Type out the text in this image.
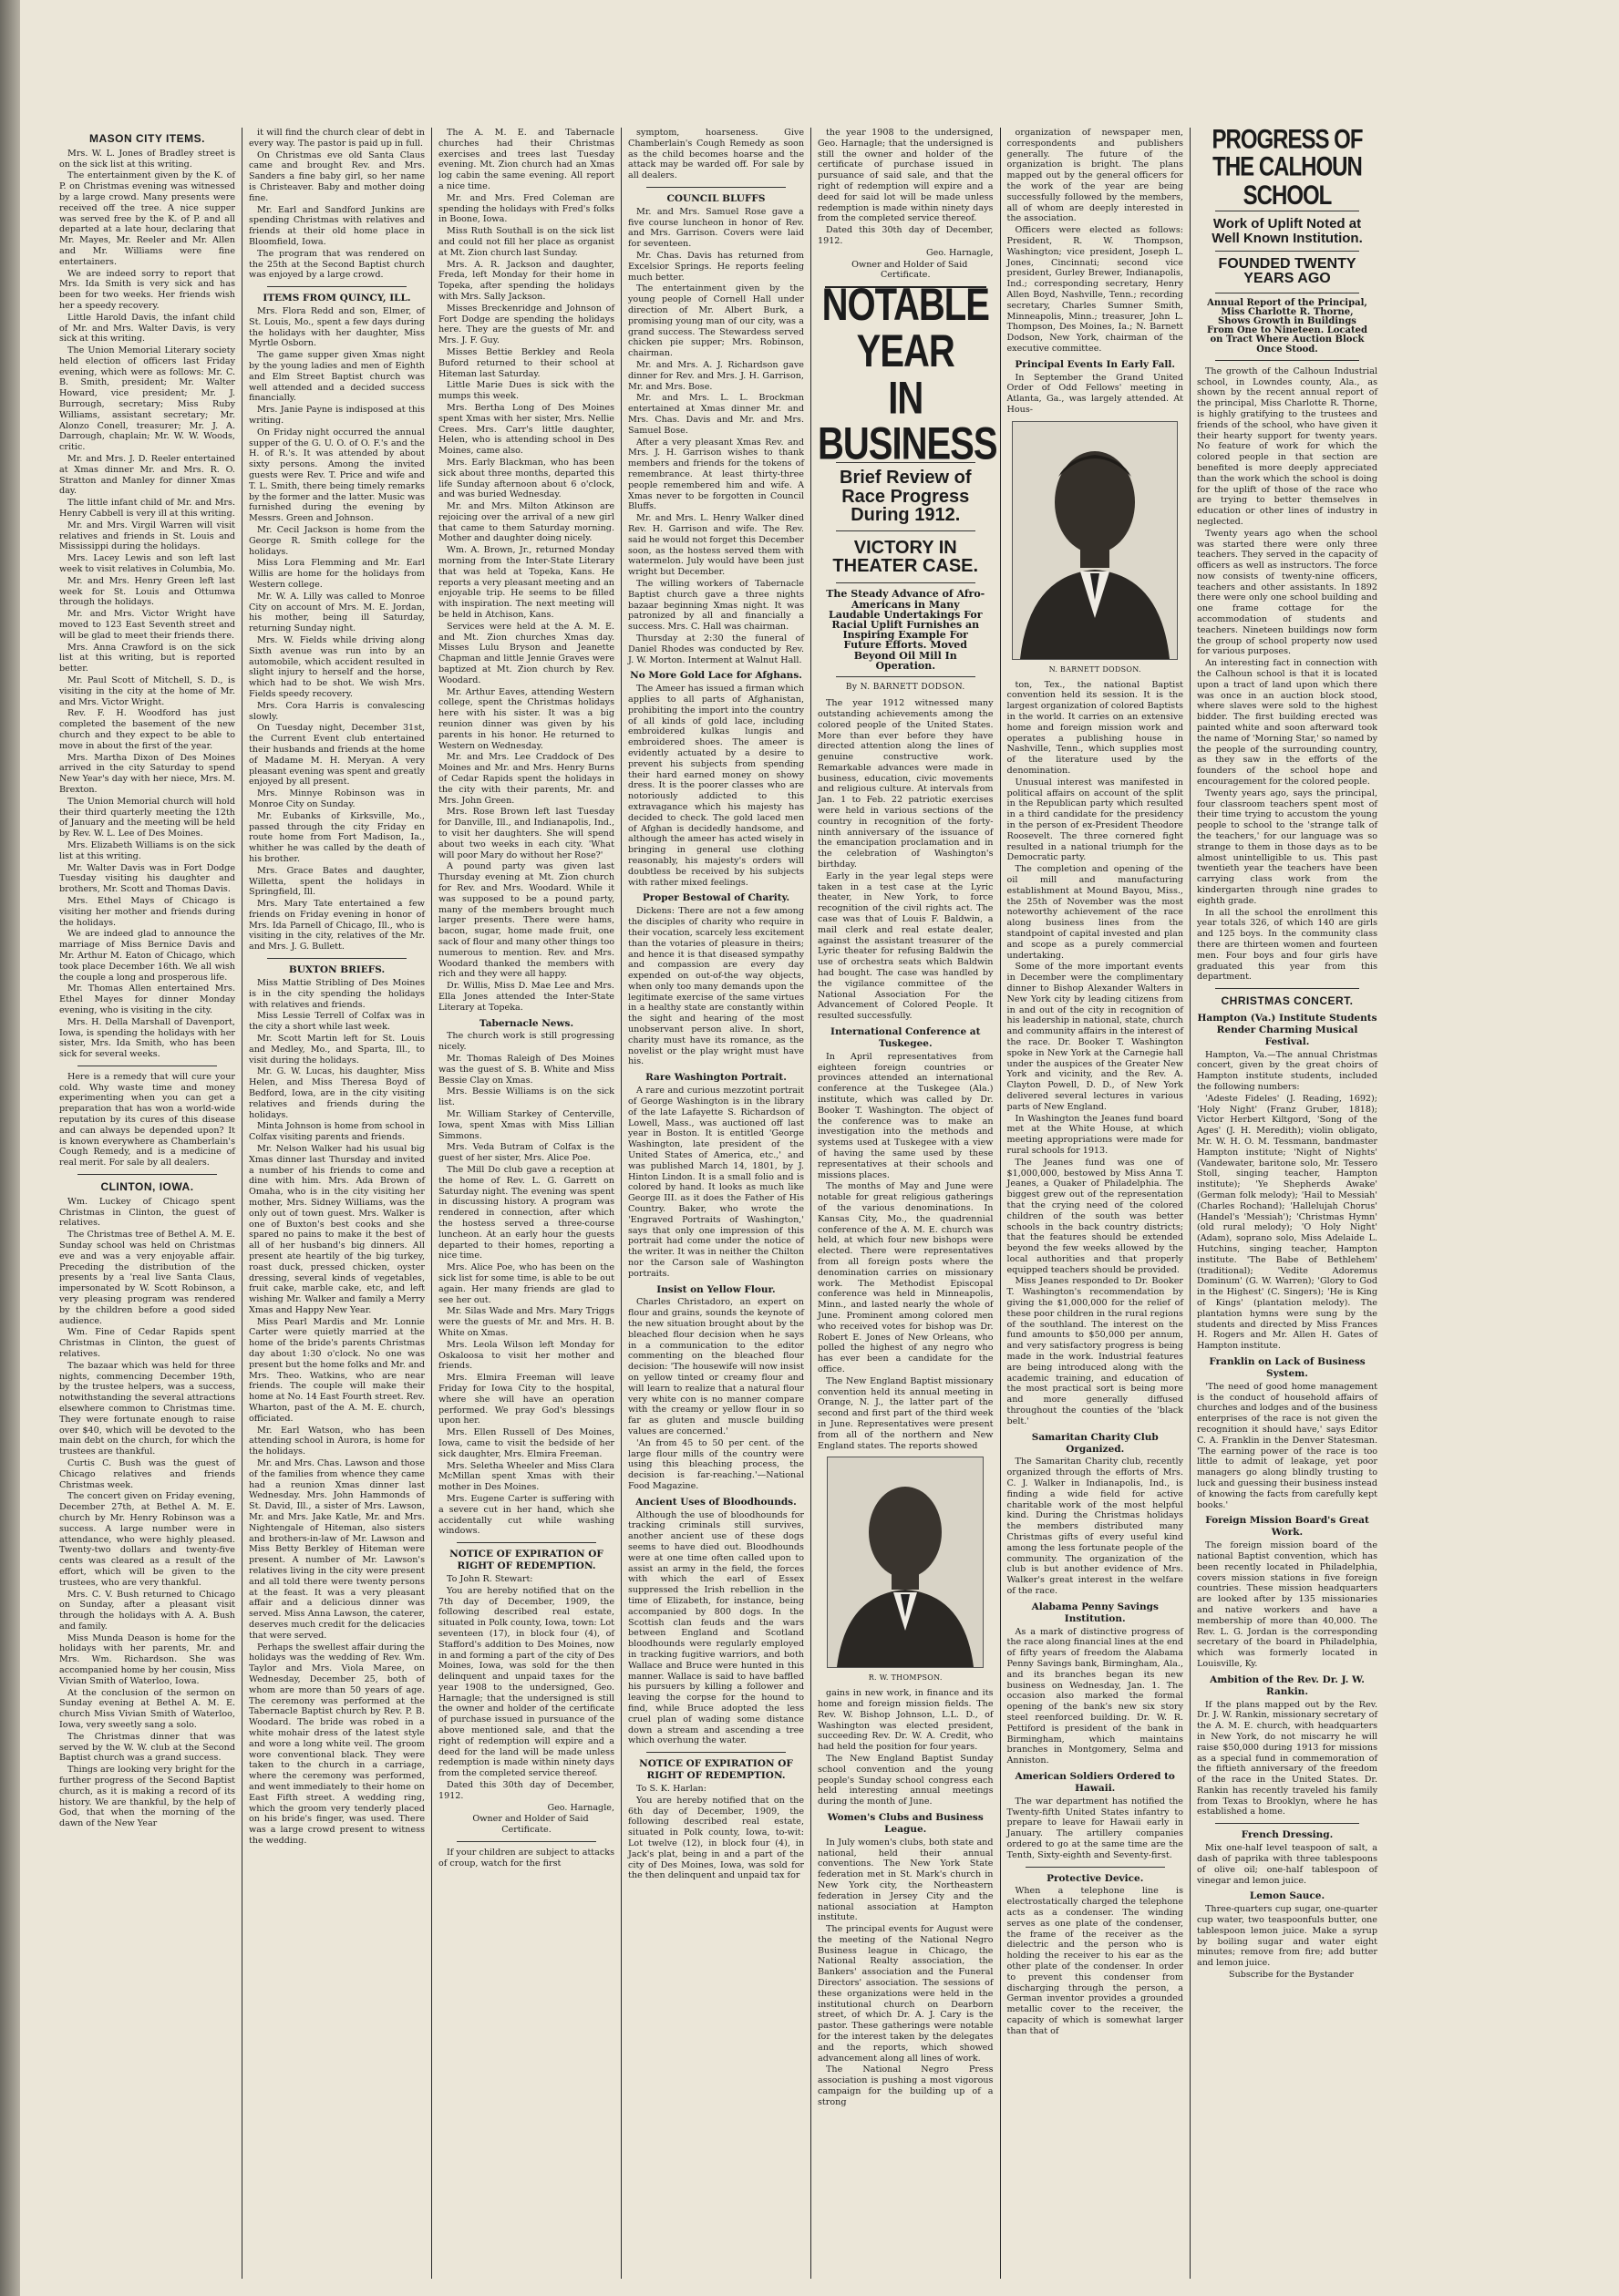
MASON CITY ITEMS.

Mrs. W. L. Jones of Bradley street is on the sick list at this writing.

The entertainment given by the K. of P. on Christmas evening was witnessed by a large crowd. Many presents were received off the tree. A nice supper was served free by the K. of P. and all departed at a late hour, declaring that Mr. Mayes, Mr. Reeler and Mr. Allen and Mr. Williams were fine entertainers.

We are indeed sorry to report that Mrs. Ida Smith is very sick and has been for two weeks. Her friends wish her a speedy recovery.

Little Harold Davis, the infant child of Mr. and Mrs. Walter Davis, is very sick at this writing.

The Union Memorial Literary society held election of officers last Friday evening, which were as follows: Mr. C. B. Smith, president; Mr. Walter Howard, vice president; Mr. J. Burrough, secretary; Miss Ruby Williams, assistant secretary; Mr. Alonzo Conell, treasurer; Mr. J. A. Darrough, chaplain; Mr. W. W. Woods, critic.

Mr. and Mrs. J. D. Reeler entertained at Xmas dinner Mr. and Mrs. R. O. Stratton and Manley for dinner Xmas day.

The little infant child of Mr. and Mrs. Henry Cabbell is very ill at this writing.

Mr. and Mrs. Virgil Warren will visit relatives and friends in St. Louis and Mississippi during the holidays.

Mrs. Lacey Lewis and son left last week to visit relatives in Columbia, Mo.

Mr. and Mrs. Henry Green left last week for St. Louis and Ottumwa through the holidays.

Mr. and Mrs. Victor Wright have moved to 123 East Seventh street and will be glad to meet their friends there.

Mrs. Anna Crawford is on the sick list at this writing, but is reported better.

Mr. Paul Scott of Mitchell, S. D., is visiting in the city at the home of Mr. and Mrs. Victor Wright.

Rev. F. H. Woodford has just completed the basement of the new church and they expect to be able to move in about the first of the year.

Mrs. Martha Dixon of Des Moines arrived in the city Saturday to spend New Year's day with her niece, Mrs. M. Brexton.

The Union Memorial church will hold their third quarterly meeting the 12th of January and the meeting will be held by Rev. W. L. Lee of Des Moines.

Mrs. Elizabeth Williams is on the sick list at this writing.

Mr. Walter Davis was in Fort Dodge Tuesday visiting his daughter and brothers, Mr. Scott and Thomas Davis.

Mrs. Ethel Mays of Chicago is visiting her mother and friends during the holidays.

We are indeed glad to announce the marriage of Miss Bernice Davis and Mr. Arthur M. Eaton of Chicago, which took place December 16th. We all wish the couple a long and prosperous life.

Mr. Thomas Allen entertained Mrs. Ethel Mayes for dinner Monday evening, who is visiting in the city.

Mrs. H. Della Marshall of Davenport, Iowa, is spending the holidays with her sister, Mrs. Ida Smith, who has been sick for several weeks.

Here is a remedy that will cure your cold. Why waste time and money experimenting when you can get a preparation that has won a world-wide reputation by its cures of this disease and can always be depended upon? It is known everywhere as Chamberlain's Cough Remedy, and is a medicine of real merit. For sale by all dealers.

CLINTON, IOWA.

Wm. Luckey of Chicago spent Christmas in Clinton, the guest of relatives.

The Christmas tree of Bethel A. M. E. Sunday school was held on Christmas eve and was a very enjoyable affair. Preceding the distribution of the presents by a 'real live Santa Claus, impersonated by W. Scott Robinson, a very pleasing program was rendered by the children before a good sided audience.

Wm. Fine of Cedar Rapids spent Christmas in Clinton, the guest of relatives.

The bazaar which was held for three nights, commencing December 19th, by the trustee helpers, was a success, notwithstanding the several attractions elsewhere common to Christmas time. They were fortunate enough to raise over $40, which will be devoted to the main debt on the church, for which the trustees are thankful.

Curtis C. Bush was the guest of Chicago relatives and friends Christmas week.

The concert given on Friday evening, December 27th, at Bethel A. M. E. church by Mr. Henry Robinson was a success. A large number were in attendance, who were highly pleased. Twenty-two dollars and twenty-five cents was cleared as a result of the effort, which will be given to the trustees, who are very thankful.

Mrs. C. V. Bush returned to Chicago on Sunday, after a pleasant visit through the holidays with A. A. Bush and family.

Miss Munda Deason is home for the holidays with her parents, Mr. and Mrs. Wm. Richardson. She was accompanied home by her cousin, Miss Vivian Smith of Waterloo, Iowa.

At the conclusion of the sermon on Sunday evening at Bethel A. M. E. church Miss Vivian Smith of Waterloo, Iowa, very sweetly sang a solo.

The Christmas dinner that was served by the W. W. club at the Second Baptist church was a grand success.

Things are looking very bright for the further progress of the Second Baptist church, as it is making a record of its history. We are thankful, by the help of God, that when the morning of the dawn of the New Year

it will find the church clear of debt in every way. The pastor is paid up in full.

On Christmas eve old Santa Claus came and brought Rev. and Mrs. Sanders a fine baby girl, so her name is Christeaver. Baby and mother doing fine.

Mr. Earl and Sandford Junkins are spending Christmas with relatives and friends at their old home place in Bloomfield, Iowa.

The program that was rendered on the 25th at the Second Baptist church was enjoyed by a large crowd.

ITEMS FROM QUINCY, ILL.

Mrs. Flora Redd and son, Elmer, of St. Louis, Mo., spent a few days during the holidays with her daughter, Miss Myrtle Osborn.

The game supper given Xmas night by the young ladies and men of Eighth and Elm Street Baptist church was well attended and a decided success financially.

Mrs. Janie Payne is indisposed at this writing.

On Friday night occurred the annual supper of the G. U. O. of O. F.'s and the H. of R.'s. It was attended by about sixty persons. Among the invited guests were Rev. T. Price and wife and T. L. Smith, there being timely remarks by the former and the latter. Music was furnished during the evening by Messrs. Green and Johnson.

Mr. Cecil Jackson is home from the George R. Smith college for the holidays.

Miss Lora Flemming and Mr. Earl Willis are home for the holidays from Western college.

Mr. W. A. Lilly was called to Monroe City on account of Mrs. M. E. Jordan, his mother, being ill Saturday, returning Sunday night.

Mrs. W. Fields while driving along Sixth avenue was run into by an automobile, which accident resulted in slight injury to herself and the horse, which had to be shot. We wish Mrs. Fields speedy recovery.

Mrs. Cora Harris is convalescing slowly.

On Tuesday night, December 31st, the Current Event club entertained their husbands and friends at the home of Madame M. H. Meryan. A very pleasant evening was spent and greatly enjoyed by all present.

Mrs. Minnye Robinson was in Monroe City on Sunday.

Mr. Eubanks of Kirksville, Mo., passed through the city Friday en route home from Fort Madison, Ia., whither he was called by the death of his brother.

Mrs. Grace Bates and daughter, Willetta, spent the holidays in Springfield, Ill.

Mrs. Mary Tate entertained a few friends on Friday evening in honor of Mrs. Ida Parnell of Chicago, Ill., who is visiting in the city, relatives of the Mr. and Mrs. J. G. Bullett.

BUXTON BRIEFS.

Miss Mattie Stribling of Des Moines is in the city spending the holidays with relatives and friends.

Miss Lessie Terrell of Colfax was in the city a short while last week.

Mr. Scott Martin left for St. Louis and Medley, Mo., and Sparta, Ill., to visit during the holidays.

Mr. G. W. Lucas, his daughter, Miss Helen, and Miss Theresa Boyd of Bedford, Iowa, are in the city visiting relatives and friends during the holidays.

Minta Johnson is home from school in Colfax visiting parents and friends.

Mr. Nelson Walker had his usual big Xmas dinner last Thursday and invited a number of his friends to come and dine with him. Mrs. Ada Brown of Omaha, who is in the city visiting her mother, Mrs. Sidney Williams, was the only out of town guest. Mrs. Walker is one of Buxton's best cooks and she spared no pains to make it the best of all of her husband's big dinners. All present ate heartily of the big turkey, roast duck, pressed chicken, oyster dressing, several kinds of vegetables, fruit cake, marble cake, etc, and left wishing Mr. Walker and family a Merry Xmas and Happy New Year.

Miss Pearl Mardis and Mr. Lonnie Carter were quietly married at the home of the bride's parents Christmas day about 1:30 o'clock. No one was present but the home folks and Mr. and Mrs. Theo. Watkins, who are near friends. The couple will make their home at No. 14 East Fourth street. Rev. Wharton, past of the A. M. E. church, officiated.

Mr. Earl Watson, who has been attending school in Aurora, is home for the holidays.

Mr. and Mrs. Chas. Lawson and those of the families from whence they came had a reunion Xmas dinner last Wednesday. Mrs. John Hammonds of St. David, Ill., a sister of Mrs. Lawson, Mr. and Mrs. Jake Katle, Mr. and Mrs. Nightengale of Hiteman, also sisters and brothers-in-law of Mr. Lawson and Miss Betty Berkley of Hiteman were present. A number of Mr. Lawson's relatives living in the city were present and all told there were twenty persons at the feast. It was a very pleasant affair and a delicious dinner was served. Miss Anna Lawson, the caterer, deserves much credit for the delicacies that were served.

Perhaps the swellest affair during the holidays was the wedding of Rev. Wm. Taylor and Mrs. Viola Maree, on Wednesday, December 25, both of whom are more than 50 years of age. The ceremony was performed at the Tabernacle Baptist church by Rev. P. B. Woodard. The bride was robed in a white mohair dress of the latest style and wore a long white veil. The groom wore conventional black. They were taken to the church in a carriage, where the ceremony was performed, and went immediately to their home on East Fifth street. A wedding ring, which the groom very tenderly placed on his bride's finger, was used. There was a large crowd present to witness the wedding.

The A. M. E. and Tabernacle churches had their Christmas exercises and trees last Tuesday evening. Mt. Zion church had an Xmas log cabin the same evening. All report a nice time.

Mr. and Mrs. Fred Coleman are spending the holidays with Fred's folks in Boone, Iowa.

Miss Ruth Southall is on the sick list and could not fill her place as organist at Mt. Zion church last Sunday.

Mrs. A. R. Jackson and daughter, Freda, left Monday for their home in Topeka, after spending the holidays with Mrs. Sally Jackson.

Misses Breckenridge and Johnson of Fort Dodge are spending the holidays here. They are the guests of Mr. and Mrs. J. F. Guy.

Misses Bettie Berkley and Reola Buford returned to their school at Hiteman last Saturday.

Little Marie Dues is sick with the mumps this week.

Mrs. Bertha Long of Des Moines spent Xmas with her sister, Mrs. Nellie Crees. Mrs. Carr's little daughter, Helen, who is attending school in Des Moines, came also.

Mrs. Early Blackman, who has been sick about three months, departed this life Sunday afternoon about 6 o'clock, and was buried Wednesday.

Mr. and Mrs. Milton Atkinson are rejoicing over the arrival of a new girl that came to them Saturday morning. Mother and daughter doing nicely.

Wm. A. Brown, Jr., returned Monday morning from the Inter-State Literary that was held at Topeka, Kans. He reports a very pleasant meeting and an enjoyable trip. He seems to be filled with inspiration. The next meeting will be held in Atchison, Kans.

Services were held at the A. M. E. and Mt. Zion churches Xmas day. Misses Lulu Bryson and Jeanette Chapman and little Jennie Graves were baptized at Mt. Zion church by Rev. Woodard.

Mr. Arthur Eaves, attending Western college, spent the Christmas holidays here with his sister. It was a big reunion dinner was given by his parents in his honor. He returned to Western on Wednesday.

Mr. and Mrs. Lee Craddock of Des Moines and Mr. and Mrs. Henry Burns of Cedar Rapids spent the holidays in the city with their parents, Mr. and Mrs. John Green.

Mrs. Rose Brown left last Tuesday for Danville, Ill., and Indianapolis, Ind., to visit her daughters. She will spend about two weeks in each city. 'What will poor Mary do without her Rose?'

A pound party was given last Thursday evening at Mt. Zion church for Rev. and Mrs. Woodard. While it was supposed to be a pound party, many of the members brought much larger presents. There were hams, bacon, sugar, home made fruit, one sack of flour and many other things too numerous to mention. Rev. and Mrs. Woodard thanked the members with rich and they were all happy.

Dr. Willis, Miss D. Mae Lee and Mrs. Ella Jones attended the Inter-State Literary at Topeka.

Tabernacle News.

The church work is still progressing nicely.

Mr. Thomas Raleigh of Des Moines was the guest of S. B. White and Miss Bessie Clay on Xmas.

Mrs. Bessie Williams is on the sick list.

Mr. William Starkey of Centerville, Iowa, spent Xmas with Miss Lillian Simmons.

Mrs. Veda Butram of Colfax is the guest of her sister, Mrs. Alice Poe.

The Mill Do club gave a reception at the home of Rev. L. G. Garrett on Saturday night. The evening was spent in discussing history. A program was rendered in connection, after which the hostess served a three-course luncheon. At an early hour the guests departed to their homes, reporting a nice time.

Mrs. Alice Poe, who has been on the sick list for some time, is able to be out again. Her many friends are glad to see her out.

Mr. Silas Wade and Mrs. Mary Triggs were the guests of Mr. and Mrs. H. B. White on Xmas.

Mrs. Leola Wilson left Monday for Oskaloosa to visit her mother and friends.

Mrs. Elmira Freeman will leave Friday for Iowa City to the hospital, where she will have an operation performed. We pray God's blessings upon her.

Mrs. Ellen Russell of Des Moines, Iowa, came to visit the bedside of her sick daughter, Mrs. Elmira Freeman.

Mrs. Seletha Wheeler and Miss Clara McMillan spent Xmas with their mother in Des Moines.

Mrs. Eugene Carter is suffering with a severe cut in her hand, which she accidentally cut while washing windows.

NOTICE OF EXPIRATION OF RIGHT OF REDEMPTION.

To John R. Stewart:

You are hereby notified that on the 7th day of December, 1909, the following described real estate, situated in Polk county, Iowa, town: Lot seventeen (17), in block four (4), of Stafford's addition to Des Moines, now in and forming a part of the city of Des Moines, Iowa, was sold for the then delinquent and unpaid taxes for the year 1908 to the undersigned, Geo. Harnagle; that the undersigned is still the owner and holder of the certificate of purchase issued in pursuance of the above mentioned sale, and that the right of redemption will expire and a deed for the land will be made unless redemption is made within ninety days from the completed service thereof.

Dated this 30th day of December, 1912.

Geo. Harnagle,

Owner and Holder of Said Certificate.

If your children are subject to attacks of croup, watch for the first

symptom, hoarseness. Give Chamberlain's Cough Remedy as soon as the child becomes hoarse and the attack may be warded off. For sale by all dealers.

COUNCIL BLUFFS

Mr. and Mrs. Samuel Rose gave a five course luncheon in honor of Rev. and Mrs. Garrison. Covers were laid for seventeen.

Mr. Chas. Davis has returned from Excelsior Springs. He reports feeling much better.

The entertainment given by the young people of Cornell Hall under direction of Mr. Albert Burk, a promising young man of our city, was a grand success. The Stewardess served chicken pie supper; Mrs. Robinson, chairman.

Mr. and Mrs. A. J. Richardson gave dinner for Rev. and Mrs. J. H. Garrison, Mr. and Mrs. Bose.

Mr. and Mrs. L. L. Brockman entertained at Xmas dinner Mr. and Mrs. Chas. Davis and Mr. and Mrs. Samuel Bose.

After a very pleasant Xmas Rev. and Mrs. J. H. Garrison wishes to thank members and friends for the tokens of remembrance. At least thirty-three people remembered him and wife. A Xmas never to be forgotten in Council Bluffs.

Mr. and Mrs. L. Henry Walker dined Rev. H. Garrison and wife. The Rev. said he would not forget this December soon, as the hostess served them with watermelon. July would have been just wright but December.

The willing workers of Tabernacle Baptist church gave a three nights bazaar beginning Xmas night. It was patronized by all and financially a success. Mrs. C. Hall was chairman.

Thursday at 2:30 the funeral of Daniel Rhodes was conducted by Rev. J. W. Morton. Interment at Walnut Hall.

No More Gold Lace for Afghans.

The Ameer has issued a firman which applies to all parts of Afghanistan, prohibiting the import into the country of all kinds of gold lace, including embroidered kulkas lungis and embroidered shoes. The ameer is evidently actuated by a desire to prevent his subjects from spending their hard earned money on showy dress. It is the poorer classes who are notoriously addicted to this extravagance which his majesty has decided to check. The gold laced men of Afghan is decidedly handsome, and although the ameer has acted wisely in bringing in general use clothing reasonably, his majesty's orders will doubtless be received by his subjects with rather mixed feelings.

Proper Bestowal of Charity.

Dickens: There are not a few among the disciples of charity who require in their vocation, scarcely less excitement than the votaries of pleasure in theirs; and hence it is that diseased sympathy and compassion are every day expended on out-of-the way objects, when only too many demands upon the legitimate exercise of the same virtues in a healthy state are constantly within the sight and hearing of the most unobservant person alive. In short, charity must have its romance, as the novelist or the play wright must have his.

Rare Washington Portrait.

A rare and curious mezzotint portrait of George Washington is in the library of the late Lafayette S. Richardson of Lowell, Mass., was auctioned off last year in Boston. It is entitled 'George Washington, late president of the United States of America, etc.,' and was published March 14, 1801, by J. Hinton Lindon. It is a small folio and is colored by hand. It looks as much like George III. as it does the Father of His Country. Baker, who wrote the 'Engraved Portraits of Washington,' says that only one impression of this portrait had come under the notice of the writer. It was in neither the Chilton nor the Carson sale of Washington portraits.

Insist on Yellow Flour.

Charles Christadoro, an expert on flour and grains, sounds the keynote of the new situation brought about by the bleached flour decision when he says in a communication to the editor commenting on the bleached flour decision: 'The housewife will now insist on yellow tinted or creamy flour and will learn to realize that a natural flour very white con is no manner compare with the creamy or yellow flour in so far as gluten and muscle building values are concerned.'

'An from 45 to 50 per cent. of the large flour mills of the country were using this bleaching process, the decision is far-reaching.'—National Food Magazine.

Ancient Uses of Bloodhounds.

Although the use of bloodhounds for tracking criminals still survives, another ancient use of these dogs seems to have died out. Bloodhounds were at one time often called upon to assist an army in the field, the forces with which the earl of Essex suppressed the Irish rebellion in the time of Elizabeth, for instance, being accompanied by 800 dogs. In the Scottish clan feuds and the wars between England and Scotland bloodhounds were regularly employed in tracking fugitive warriors, and both Wallace and Bruce were hunted in this manner. Wallace is said to have baffled his pursuers by killing a follower and leaving the corpse for the hound to find, while Bruce adopted the less cruel plan of wading some distance down a stream and ascending a tree which overhung the water.

NOTICE OF EXPIRATION OF RIGHT OF REDEMPTION.

To S. K. Harlan:

You are hereby notified that on the 6th day of December, 1909, the following described real estate, situated in Polk county, Iowa, to-wit: Lot twelve (12), in block four (4), in Jack's plat, being in and a part of the city of Des Moines, Iowa, was sold for the then delinquent and unpaid tax for

the year 1908 to the undersigned, Geo. Harnagle; that the undersigned is still the owner and holder of the certificate of purchase issued in pursuance of said sale, and that the right of redemption will expire and a deed for said lot will be made unless redemption is made within ninety days from the completed service thereof.

Dated this 30th day of December, 1912.

Geo. Harnagle,

Owner and Holder of Said Certificate.

NOTABLE YEAR
IN BUSINESS
Brief Review of Race Progress
During 1912.
VICTORY IN THEATER CASE.
The Steady Advance of Afro-Americans in Many Laudable Undertakings For Racial Uplift Furnishes an Inspiring Example For Future Efforts. Moved Beyond Oil Mill In Operation.
By N. BARNETT DODSON.

The year 1912 witnessed many outstanding achievements among the colored people of the United States. More than ever before they have directed attention along the lines of genuine constructive work. Remarkable advances were made in business, education, civic movements and religious culture. At intervals from Jan. 1 to Feb. 22 patriotic exercises were held in various sections of the country in recognition of the forty-ninth anniversary of the issuance of the emancipation proclamation and in the celebration of Washington's birthday.

Early in the year legal steps were taken in a test case at the Lyric theater, in New York, to force recognition of the civil rights act. The case was that of Louis F. Baldwin, a mail clerk and real estate dealer, against the assistant treasurer of the Lyric theater for refusing Baldwin the use of orchestra seats which Baldwin had bought. The case was handled by the vigilance committee of the National Association For the Advancement of Colored People. It resulted successfully.

International Conference at Tuskegee.

In April representatives from eighteen foreign countries or provinces attended an international conference at the Tuskegee (Ala.) institute, which was called by Dr. Booker T. Washington. The object of the conference was to make an investigation into the methods and systems used at Tuskegee with a view of having the same used by these representatives at their schools and missions places.

The months of May and June were notable for great religious gatherings of the various denominations. In Kansas City, Mo., the quadrennial conference of the A. M. E. church was held, at which four new bishops were elected. There were representatives from all foreign posts where the denomination carries on missionary work. The Methodist Episcopal conference was held in Minneapolis, Minn., and lasted nearly the whole of June. Prominent among colored men who received votes for bishop was Dr. Robert E. Jones of New Orleans, who polled the highest of any negro who has ever been a candidate for the office.

The New England Baptist missionary convention held its annual meeting in Orange, N. J., the latter part of the second and first part of the third week in June. Representatives were present from all of the northern and New England states. The reports showed

R. W. THOMPSON.

gains in new work, in finance and its home and foreign mission fields. The Rev. W. Bishop Johnson, L.L. D., of Washington was elected president, succeeding Rev. Dr. W. A. Credit, who had held the position for four years.

The New England Baptist Sunday school convention and the young people's Sunday school congress each held interesting annual meetings during the month of June.

Women's Clubs and Business League.

In July women's clubs, both state and national, held their annual conventions. The New York State federation met in St. Mark's church in New York city, the Northeastern federation in Jersey City and the national association at Hampton institute.

The principal events for August were the meeting of the National Negro Business league in Chicago, the National Realty association, the Bankers' association and the Funeral Directors' association. The sessions of these organizations were held in the institutional church on Dearborn street, of which Dr. A. J. Cary is the pastor. These gatherings were notable for the interest taken by the delegates and the reports, which showed advancement along all lines of work.

The National Negro Press association is pushing a most vigorous campaign for the building up of a strong

organization of newspaper men, correspondents and publishers generally. The future of the organization is bright. The plans mapped out by the general officers for the work of the year are being successfully followed by the members, all of whom are deeply interested in the association.

Officers were elected as follows: President, R. W. Thompson, Washington; vice president, Joseph L. Jones, Cincinnati; second vice president, Gurley Brewer, Indianapolis, Ind.; corresponding secretary, Henry Allen Boyd, Nashville, Tenn.; recording secretary, Charles Sumner Smith, Minneapolis, Minn.; treasurer, John L. Thompson, Des Moines, Ia.; N. Barnett Dodson, New York, chairman of the executive committee.

Principal Events In Early Fall.

In September the Grand United Order of Odd Fellows' meeting in Atlanta, Ga., was largely attended. At Hous-

N. BARNETT DODSON.

ton, Tex., the national Baptist convention held its session. It is the largest organization of colored Baptists in the world. It carries on an extensive home and foreign mission work and operates a publishing house in Nashville, Tenn., which supplies most of the literature used by the denomination.

Unusual interest was manifested in political affairs on account of the split in the Republican party which resulted in a third candidate for the presidency in the person of ex-President Theodore Roosevelt. The three cornered fight resulted in a national triumph for the Democratic party.

The completion and opening of the oil mill and manufacturing establishment at Mound Bayou, Miss., the 25th of November was the most noteworthy achievement of the race along business lines from the standpoint of capital invested and plan and scope as a purely commercial undertaking.

Some of the more important events in December were the complimentary dinner to Bishop Alexander Walters in New York city by leading citizens from in and out of the city in recognition of his leadership in national, state, church and community affairs in the interest of the race. Dr. Booker T. Washington spoke in New York at the Carnegie hall under the auspices of the Greater New York and vicinity, and the Rev. A. Clayton Powell, D. D., of New York delivered several lectures in various parts of New England.

In Washington the Jeanes fund board met at the White House, at which meeting appropriations were made for rural schools for 1913.

The Jeanes fund was one of $1,000,000, bestowed by Miss Anna T. Jeanes, a Quaker of Philadelphia. The biggest grew out of the representation that the crying need of the colored children of the south was better schools in the back country districts; that the features should be extended beyond the few weeks allowed by the local authorities and that properly equipped teachers should be provided.

Miss Jeanes responded to Dr. Booker T. Washington's recommendation by giving the $1,000,000 for the relief of these poor children in the rural regions of the southland. The interest on the fund amounts to $50,000 per annum, and very satisfactory progress is being made in the work. Industrial features are being introduced along with the academic training, and education of the most practical sort is being more and more generally diffused throughout the counties of the 'black belt.'

Samaritan Charity Club Organized.

The Samaritan Charity club, recently organized through the efforts of Mrs. C. J. Walker in Indianapolis, Ind., is finding a wide field for active charitable work of the most helpful kind. During the Christmas holidays the members distributed many Christmas gifts of every useful kind among the less fortunate people of the community. The organization of the club is but another evidence of Mrs. Walker's great interest in the welfare of the race.

Alabama Penny Savings Institution.

As a mark of distinctive progress of the race along financial lines at the end of fifty years of freedom the Alabama Penny Savings bank, Birmingham, Ala., and its branches began its new business on Wednesday, Jan. 1. The occasion also marked the formal opening of the bank's new six story steel reenforced building. Dr. W. R. Pettiford is president of the bank in Birmingham, which maintains branches in Montgomery, Selma and Anniston.

American Soldiers Ordered to Hawaii.

The war department has notified the Twenty-fifth United States infantry to prepare to leave for Hawaii early in January. The artillery companies ordered to go at the same time are the Tenth, Sixty-eighth and Seventy-first.

Protective Device.

When a telephone line is electrostatically charged the telephone acts as a condenser. The winding serves as one plate of the condenser, the frame of the receiver as the dielectric and the person who is holding the receiver to his ear as the other plate of the condenser. In order to prevent this condenser from discharging through the person, a German inventor provides a grounded metallic cover to the receiver, the capacity of which is somewhat larger than that of

PROGRESS OF THE CALHOUN SCHOOL
Work of Uplift Noted at Well Known Institution.
FOUNDED TWENTY YEARS AGO
Annual Report of the Principal, Miss Charlotte R. Thorne, Shows Growth in Buildings From One to Nineteen. Located on Tract Where Auction Block Once Stood.

The growth of the Calhoun Industrial school, in Lowndes county, Ala., as shown by the recent annual report of the principal, Miss Charlotte R. Thorne, is highly gratifying to the trustees and friends of the school, who have given it their hearty support for twenty years. No feature of work for which the colored people in that section are benefited is more deeply appreciated than the work which the school is doing for the uplift of those of the race who are trying to better themselves in education or other lines of industry in neglected.

Twenty years ago when the school was started there were only three teachers. They served in the capacity of officers as well as instructors. The force now consists of twenty-nine officers, teachers and other assistants. In 1892 there were only one school building and one frame cottage for the accommodation of students and teachers. Nineteen buildings now form the group of school property now used for various purposes.

An interesting fact in connection with the Calhoun school is that it is located upon a tract of land upon which there was once in an auction block stood, where slaves were sold to the highest bidder. The first building erected was painted white and soon afterward took the name of 'Morning Star,' so named by the people of the surrounding country, as they saw in the efforts of the founders of the school hope and encouragement for the colored people.

Twenty years ago, says the principal, four classroom teachers spent most of their time trying to accustom the young people to school to the 'strange talk of the teachers,' for our language was so strange to them in those days as to be almost unintelligible to us. This past twentieth year the teachers have been carrying class work from the kindergarten through nine grades to eighth grade.

In all the school the enrollment this year totals 326, of which 140 are girls and 125 boys. In the community class there are thirteen women and fourteen men. Four boys and four girls have graduated this year from this department.

CHRISTMAS CONCERT.
Hampton (Va.) Institute Students Render Charming Musical Festival.

Hampton, Va.—The annual Christmas concert, given by the great choirs of Hampton institute students, included the following numbers:

'Adeste Fideles' (J. Reading, 1692); 'Holy Night' (Franz Gruber, 1818); Victor Herbert Kiltgord, 'Song of the Ages' (J. H. Meredith); violin obligato, Mr. W. H. O. M. Tessmann, bandmaster Hampton institute; 'Night of Nights' (Vandewater, baritone solo, Mr. Tessero Stoll, singing teacher, Hampton institute); 'Ye Shepherds Awake' (German folk melody); 'Hail to Messiah' (Charles Rochand); 'Hallelujah Chorus' (Handel's 'Messiah'); 'Christmas Hymn' (old rural melody); 'O Holy Night' (Adam), soprano solo, Miss Adelaide L. Hutchins, singing teacher, Hampton institute. 'The Babe of Bethlehem' (traditional); 'Vedite Adoremus Dominum' (G. W. Warren); 'Glory to God in the Highest' (C. Singers); 'He is King of Kings' (plantation melody). The plantation hymns were sung by the students and directed by Miss Frances H. Rogers and Mr. Allen H. Gates of Hampton institute.

Franklin on Lack of Business System.

'The need of good home management is the conduct of household affairs of churches and lodges and of the business enterprises of the race is not given the recognition it should have,' says Editor C. A. Franklin in the Denver Statesman. 'The earning power of the race is too little to admit of leakage, yet poor managers go along blindly trusting to luck and guessing their business instead of knowing the facts from carefully kept books.'

Foreign Mission Board's Great Work.

The foreign mission board of the national Baptist convention, which has been recently located in Philadelphia, covers mission stations in five foreign countries. These mission headquarters are looked after by 135 missionaries and native workers and have a membership of more than 40,000. The Rev. L. G. Jordan is the corresponding secretary of the board in Philadelphia, which was formerly located in Louisville, Ky.

Ambition of the Rev. Dr. J. W. Rankin.

If the plans mapped out by the Rev. Dr. J. W. Rankin, missionary secretary of the A. M. E. church, with headquarters in New York, do not miscarry he will raise $50,000 during 1913 for missions as a special fund in commemoration of the fiftieth anniversary of the freedom of the race in the United States. Dr. Rankin has recently traveled his family from Texas to Brooklyn, where he has established a home.

French Dressing.

Mix one-half level teaspoon of salt, a dash of paprika with three tablespoons of olive oil; one-half tablespoon of vinegar and lemon juice.

Lemon Sauce.

Three-quarters cup sugar, one-quarter cup water, two teaspoonfuls butter, one tablespoon lemon juice. Make a syrup by boiling sugar and water eight minutes; remove from fire; add butter and lemon juice.

Subscribe for the Bystander
